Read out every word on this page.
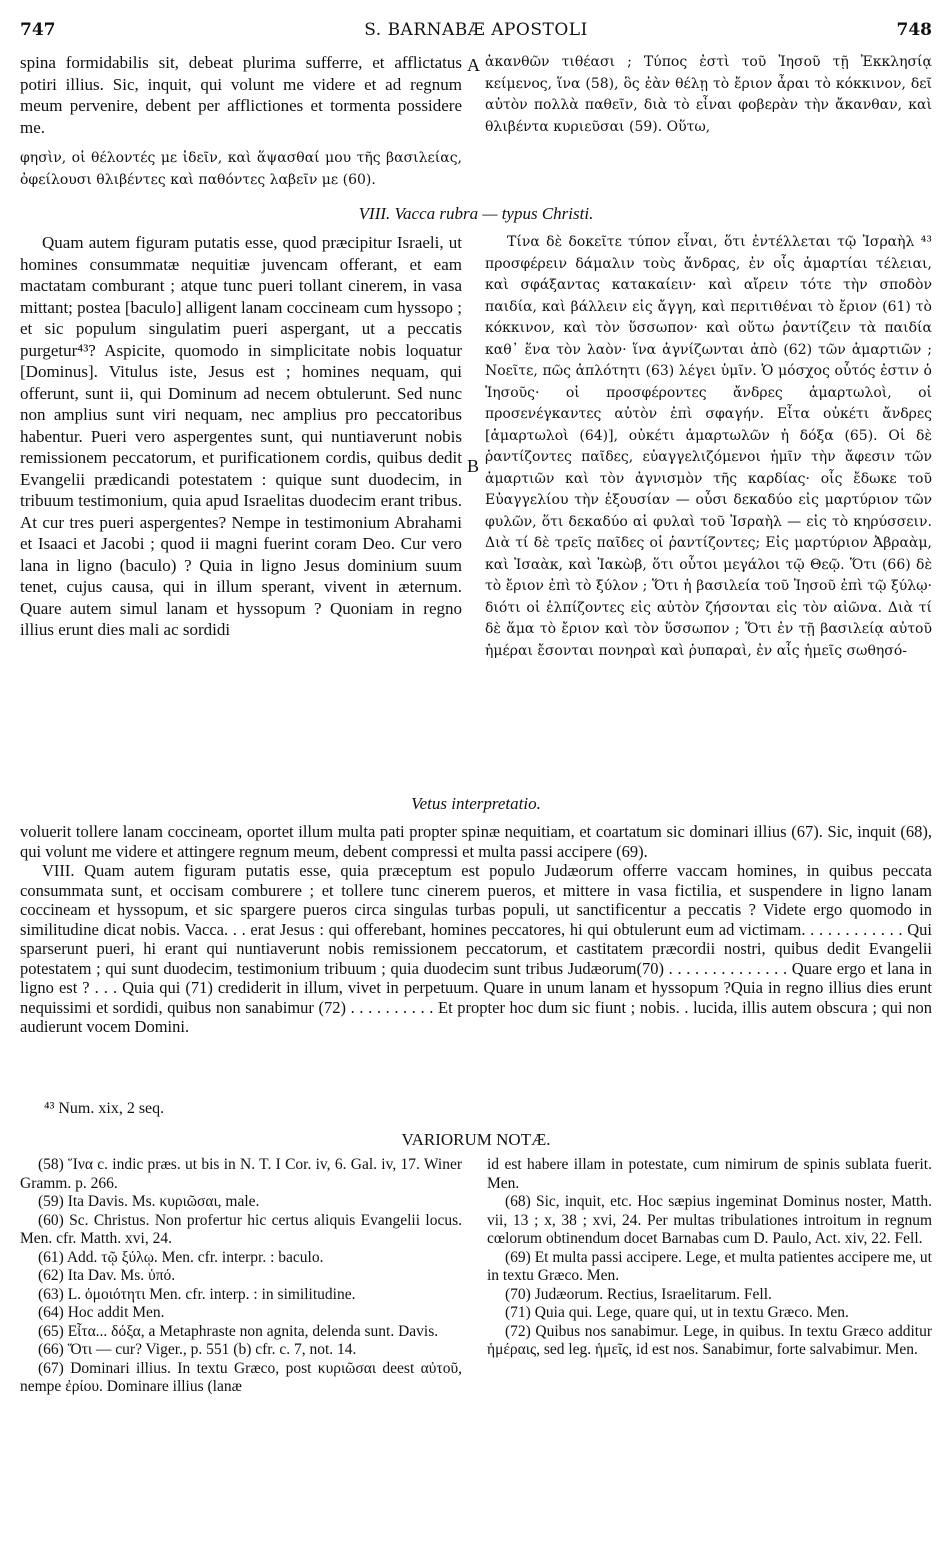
747	S. BARNABÆ APOSTOLI	748

spina formidabilis sit, debeat plurima sufferre, et afflictatus potiri illius. Sic, inquit, qui volunt me videre et ad regnum meum pervenire, debent per afflictiones et tormenta possidere me.

φησὶν, οἱ θέλοντές με ἰδεῖν, καὶ ἅψασθαί μου τῆς βασιλείας, ὀφείλουσι θλιβέντες καὶ παθόντες λαβεῖν με (60).

A ἀκανθῶν τιθέασι ; Τύπος ἐστὶ τοῦ Ἰησοῦ τῇ Ἐκκλησίᾳ κείμενος, ἵνα (58), ὃς ἐὰν θέλῃ τὸ ἔριον ἆραι τὸ κόκκινον, δεῖ αὐτὸν πολλὰ παθεῖν, διὰ τὸ εἶναι φοβερὰν τὴν ἄκανθαν, καὶ θλιβέντα κυριεῦσαι (59). Οὕτω,

VIII. Vacca rubra — typus Christi.

Quam autem figuram putatis esse, quod præcipitur Israeli, ut homines consummatæ nequitiæ juvencam offerant, et eam mactatam comburant ; atque tunc pueri tollant cinerem, in vasa mittant; postea [baculo] alligent lanam coccineam cum hyssopo ; et sic populum singulatim pueri aspergant, ut a peccatis purgetur⁴³? Aspicite, quomodo in simplicitate nobis loquatur [Dominus]. Vitulus iste, Jesus est ; homines nequam, qui offerunt, sunt ii, qui Dominum ad necem obtulerunt. Sed nunc non amplius sunt viri nequam, nec amplius pro peccatoribus habentur. Pueri vero aspergentes sunt, qui nuntiaverunt nobis remissionem peccatorum, et purificationem cordis, quibus dedit Evangelii prædicandi potestatem : quique sunt duodecim, in tribuum testimonium, quia apud Israelitas duodecim erant tribus. At cur tres pueri aspergentes? Nempe in testimonium Abrahami et Isaaci et Jacobi ; quod ii magni fuerint coram Deo. Cur vero lana in ligno (baculo) ? Quia in ligno Jesus dominium suum tenet, cujus causa, qui in illum sperant, vivent in æternum. Quare autem simul lanam et hyssopum ? Quoniam in regno illius erunt dies mali ac sordidi

B

Τίνα δὲ δοκεῖτε τύπον εἶναι, ὅτι ἐντέλλεται τῷ Ἰσραὴλ ⁴³ προσφέρειν δάμαλιν τοὺς ἄνδρας, ἐν οἷς ἁμαρτίαι τέλειαι, καὶ σφάξαντας κατακαίειν· καὶ αἴρειν τότε τὴν σποδὸν παιδία, καὶ βάλλειν εἰς ἄγγη, καὶ περιτιθέναι τὸ ἔριον (61) τὸ κόκκινον, καὶ τὸν ὕσσωπον· καὶ οὕτω ῥαντίζειν τὰ παιδία καθ᾽ ἕνα τὸν λαὸν· ἵνα ἁγνίζωνται ἀπὸ (62) τῶν ἁμαρτιῶν ; Νοεῖτε, πῶς ἁπλότητι (63) λέγει ὑμῖν. Ὁ μόσχος οὗτός ἐστιν ὁ Ἰησοῦς· οἱ προσφέροντες ἄνδρες ἁμαρτωλοὶ, οἱ προσενέγκαντες αὐτὸν ἐπὶ σφαγήν. Εἶτα οὐκέτι ἄνδρες [ἁμαρτωλοὶ (64)], οὐκέτι ἁμαρτωλῶν ἡ δόξα (65). Οἱ δὲ ῥαντίζοντες παῖδες, εὐαγγελιζόμενοι ἡμῖν τὴν ἄφεσιν τῶν ἁμαρτιῶν καὶ τὸν ἁγνισμὸν τῆς καρδίας· οἷς ἔδωκε τοῦ Εὐαγγελίου τὴν ἐξουσίαν — οὖσι δεκαδύο εἰς μαρτύριον τῶν φυλῶν, ὅτι δεκαδύο αἱ φυλαὶ τοῦ Ἰσραὴλ — εἰς τὸ κηρύσσειν. Διὰ τί δὲ τρεῖς παῖδες οἱ ῥαντίζοντες; Εἰς μαρτύριον Ἀβραὰμ, καὶ Ἰσαὰκ, καὶ Ἰακὼβ, ὅτι οὗτοι μεγάλοι τῷ Θεῷ. Ὅτι (66) δὲ τὸ ἔριον ἐπὶ τὸ ξύλον ; Ὅτι ἡ βασιλεία τοῦ Ἰησοῦ ἐπὶ τῷ ξύλῳ· διότι οἱ ἐλπίζοντες εἰς αὐτὸν ζήσονται εἰς τὸν αἰῶνα. Διὰ τί δὲ ἅμα τὸ ἔριον καὶ τὸν ὕσσωπον ; Ὅτι ἐν τῇ βασιλείᾳ αὐτοῦ ἡμέραι ἔσονται πονηραὶ καὶ ῥυπαραὶ, ἐν αἷς ἡμεῖς σωθησό-

Vetus interpretatio.

voluerit tollere lanam coccineam, oportet illum multa pati propter spinæ nequitiam, et coartatum sic dominari illius (67). Sic, inquit (68), qui volunt me videre et attingere regnum meum, debent compressi et multa passi accipere (69).

VIII. Quam autem figuram putatis esse, quia præceptum est populo Judæorum offerre vaccam homines, in quibus peccata consummata sunt, et occisam comburere ; et tollere tunc cinerem pueros, et mittere in vasa fictilia, et suspendere in ligno lanam coccineam et hyssopum, et sic spargere pueros circa singulas turbas populi, ut sanctificentur a peccatis ? Videte ergo quomodo in similitudine dicat nobis. Vacca. . . erat Jesus : qui offerebant, homines peccatores, hi qui obtulerunt eum ad victimam. . . . . . . . . . . . Qui sparserunt pueri, hi erant qui nuntiaverunt nobis remissionem peccatorum, et castitatem præcordii nostri, quibus dedit Evangelii potestatem ; qui sunt duodecim, testimonium tribuum ; quia duodecim sunt tribus Judæorum(70) . . . . . . . . . . . . . . Quare ergo et lana in ligno est ? . . . Quia qui (71) crediderit in illum, vivet in perpetuum. Quare in unum lanam et hyssopum ?Quia in regno illius dies erunt nequissimi et sordidi, quibus non sanabimur (72) . . . . . . . . . . Et propter hoc dum sic fiunt ; nobis. . lucida, illis autem obscura ; qui non audierunt vocem Domini.

⁴³ Num. xix, 2 seq.
VARIORUM NOTÆ.

(58) Ἵνα c. indic præs. ut bis in N. T. I Cor. iv, 6. Gal. iv, 17. Winer Gramm. p. 266.

(59) Ita Davis. Ms. κυριῶσαι, male.

(60) Sc. Christus. Non profertur hic certus aliquis Evangelii locus. Men. cfr. Matth. xvi, 24.

(61) Add. τῷ ξύλῳ. Men. cfr. interpr. : baculo.

(62) Ita Dav. Ms. ὑπό.

(63) L. ὁμοιότητι Men. cfr. interp. : in similitudine.

(64) Hoc addit Men.

(65) Εἶτα... δόξα, a Metaphraste non agnita, delenda sunt. Davis.

(66) Ὅτι — cur? Viger., p. 551 (b) cfr. c. 7, not. 14.

(67) Dominari illius. In textu Græco, post κυριῶσαι deest αὐτοῦ, nempe ἐρίου. Dominare illius (lanæ

id est habere illam in potestate, cum nimirum de spinis sublata fuerit. Men.

(68) Sic, inquit, etc. Hoc sæpius ingeminat Dominus noster, Matth. vii, 13 ; x, 38 ; xvi, 24. Per multas tribulationes introitum in regnum cœlorum obtinendum docet Barnabas cum D. Paulo, Act. xiv, 22. Fell.

(69) Et multa passi accipere. Lege, et multa patientes accipere me, ut in textu Græco. Men.

(70) Judæorum. Rectius, Israelitarum. Fell.

(71) Quia qui. Lege, quare qui, ut in textu Græco. Men.

(72) Quibus nos sanabimur. Lege, in quibus. In textu Græco additur ἡμέραις, sed leg. ἡμεῖς, id est nos. Sanabimur, forte salvabimur. Men.
